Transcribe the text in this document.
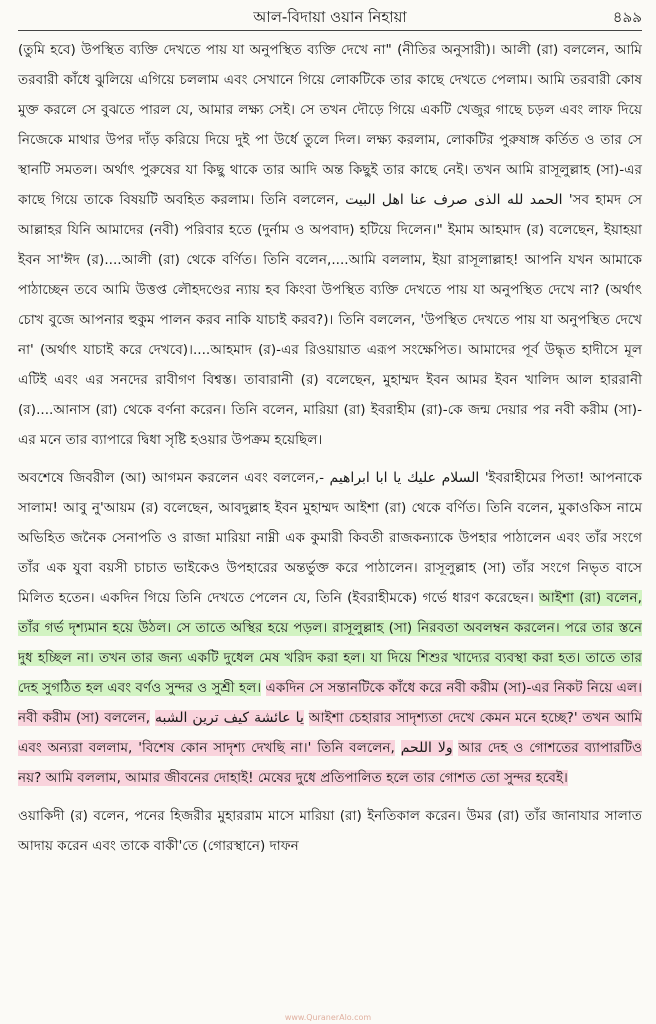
আল-বিদায়া ওয়ান নিহায়া	৪৯৯

(তুমি হবে) উপস্থিত ব্যক্তি দেখতে পায় যা অনুপস্থিত ব্যক্তি দেখে না" (নীতির অনুসারী)। আলী (রা) বললেন, আমি তরবারী কাঁধে ঝুলিয়ে এগিয়ে চললাম এবং সেখানে গিয়ে লোকটিকে তার কাছে দেখতে পেলাম। আমি তরবারী কোষ মুক্ত করলে সে বুঝতে পারল যে, আমার লক্ষ্য সেই। সে তখন দৌড়ে গিয়ে একটি খেজুর গাছে চড়ল এবং লাফ দিয়ে নিজেকে মাথার উপর দাঁড় করিয়ে দিয়ে দুই পা উর্ধে তুলে দিল। লক্ষ্য করলাম, লোকটির পুরুষাঙ্গ কর্তিত ও তার সে স্থানটি সমতল। অর্থাৎ পুরুষের যা কিছু থাকে তার আদি অন্ত কিছুই তার কাছে নেই। তখন আমি রাসূলুল্লাহ (সা)-এর কাছে গিয়ে তাকে বিষয়টি অবহিত করলাম। তিনি বললেন, الحمد لله الذى صرف عنا اهل البيت 'সব হামদ সে আল্লাহর যিনি আমাদের (নবী) পরিবার হতে (দুর্নাম ও অপবাদ) হটিয়ে দিলেন।" ইমাম আহমাদ (র) বলেছেন, ইয়াহয়া ইবন সা'ঈদ (র)....আলী (রা) থেকে বর্ণিত। তিনি বলেন,....আমি বললাম, ইয়া রাসূলাল্লাহ! আপনি যখন আমাকে পাঠাচ্ছেন তবে আমি উত্তপ্ত লৌহদণ্ডের ন্যায় হব কিংবা উপস্থিত ব্যক্তি দেখতে পায় যা অনুপস্থিত দেখে না? (অর্থাৎ চোখ বুজে আপনার হুকুম পালন করব নাকি যাচাই করব?)। তিনি বললেন, 'উপস্থিত দেখতে পায় যা অনুপস্থিত দেখে না' (অর্থাৎ যাচাই করে দেখবে)।....আহমাদ (র)-এর রিওয়ায়াত এরূপ সংক্ষেপিত। আমাদের পূর্ব উদ্ধৃত হাদীসে মূল এটিই এবং এর সনদের রাবীগণ বিশ্বস্ত। তাবারানী (র) বলেছেন, মুহাম্মদ ইবন আমর ইবন খালিদ আল হাররানী (র)....আনাস (রা) থেকে বর্ণনা করেন। তিনি বলেন, মারিয়া (রা) ইবরাহীম (রা)-কে জন্ম দেয়ার পর নবী করীম (সা)-এর মনে তার ব্যাপারে দ্বিধা সৃষ্টি হওয়ার উপক্রম হয়েছিল।

অবশেষে জিবরীল (আ) আগমন করলেন এবং বললেন,- السلام عليك يا ابا ابراهيم 'ইবরাহীমের পিতা! আপনাকে সালাম! আবু নু'আয়ম (র) বলেছেন, আবদুল্লাহ ইবন মুহাম্মদ আইশা (রা) থেকে বর্ণিত। তিনি বলেন, মুকাওকিস নামে অভিহিত জনৈক সেনাপতি ও রাজা মারিয়া নাম্নী এক কুমারী কিবতী রাজকন্যাকে উপহার পাঠালেন এবং তাঁর সংগে তাঁর এক যুবা বয়সী চাচাত ভাইকেও উপহারের অন্তর্ভুক্ত করে পাঠালেন। রাসূলুল্লাহ (সা) তাঁর সংগে নিভৃত বাসে মিলিত হতেন। একদিন গিয়ে তিনি দেখতে পেলেন যে, তিনি (ইবরাহীমকে) গর্ভে ধারণ করেছেন। আইশা (রা) বলেন, তাঁর গর্ভ দৃশ্যমান হয়ে উঠল। সে তাতে অস্থির হয়ে পড়ল। রাসূলুল্লাহ (সা) নিরবতা অবলম্বন করলেন। পরে তার স্তনে দুধ হচ্ছিল না। তখন তার জন্য একটি দুধেল মেষ খরিদ করা হল। যা দিয়ে শিশুর খাদ্যের ব্যবস্থা করা হত। তাতে তার দেহ সুগঠিত হল এবং বর্ণও সুন্দর ও সুশ্রী হল। একদিন সে সন্তানটিকে কাঁধে করে নবী করীম (সা)-এর নিকট নিয়ে এল। নবী করীম (সা) বললেন, يا عائشة كيف ترين الشبه আইশা চেহারার সাদৃশ্যতা দেখে কেমন মনে হচ্ছে?' তখন আমি এবং অন্যরা বললাম, 'বিশেষ কোন সাদৃশ্য দেখছি না।' তিনি বললেন, ولا اللحم আর দেহ ও গোশতের ব্যাপারটিও নয়? আমি বললাম, আমার জীবনের দোহাই! মেষের দুধে প্রতিপালিত হলে তার গোশত তো সুন্দর হবেই।

ওয়াকিদী (র) বলেন, পনের হিজরীর মুহাররাম মাসে মারিয়া (রা) ইনতিকাল করেন। উমর (রা) তাঁর জানাযার সালাত আদায় করেন এবং তাকে বাকী'তে (গোরস্থানে) দাফন

www.QuranerAlo.com
